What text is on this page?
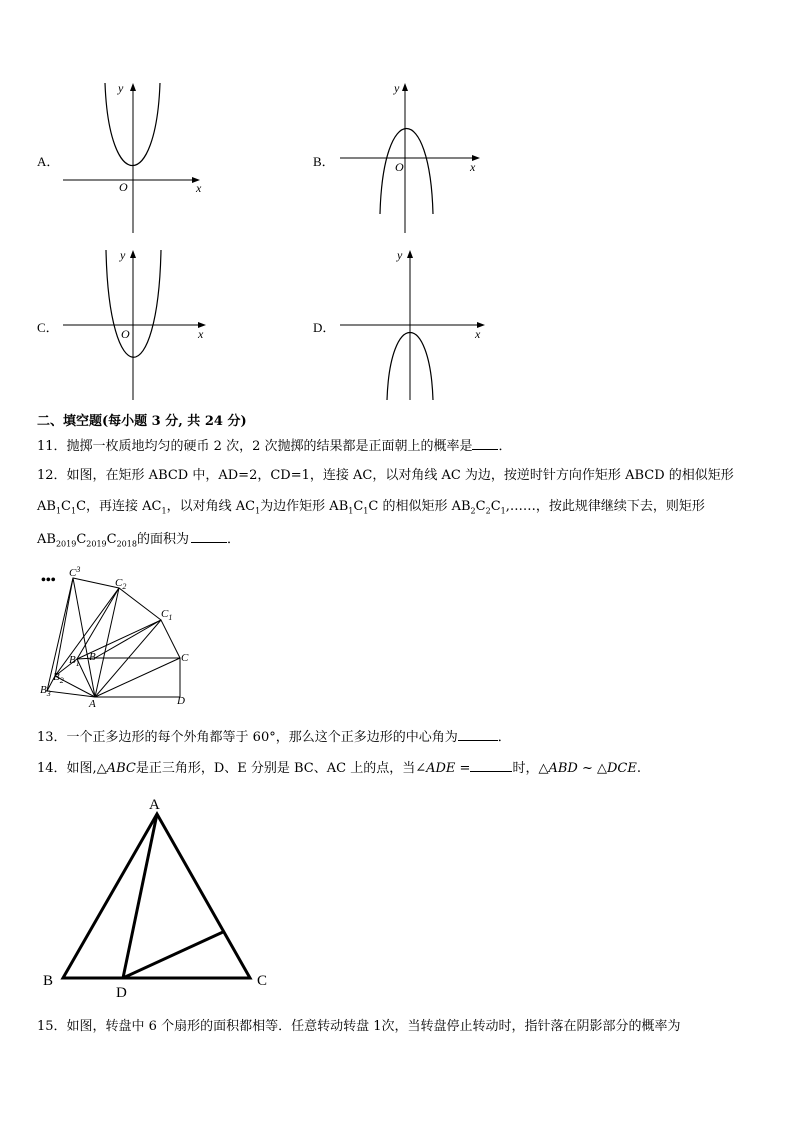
A．
y
x
O
B．
y
x
O
C．
y
x
O	D．
y
x
二、填空题(每小题 3 分, 共 24 分)
11．抛掷一枚质地均匀的硬币 2 次，2 次抛掷的结果都是正面朝上的概率是 ．
12．如图，在矩形 ABCD 中，AD=2，CD=1，连接 AC，以对角线 AC 为边，按逆时针方向作矩形 ABCD 的相似矩形
$AB_1C_1C$，再连接 $AC_1$，以对角线 $AC_1$为边作矩形 $AB_1C_1C$ 的相似矩形 $AB_2C_2C_1,\dots\dots$，按此规律继续下去，则矩形
$AB_{2019}C_{2019}C_{2018}$的面积为	．
••• $C^3$
$C_2$
$C_1$
C
D
A
B
$B_1$
$B_2$
$B_3$
13．一个正多边形的每个外角都等于 60°，那么这个正多边形的中心角为	．
14．如图,△ABC是正三角形，D、E 分别是 BC、AC 上的点，当∠ADE =	时，△ABD ~ △DCE.
A
B	C
D
15．如图，转盘中 6 个扇形的面积都相等．任意转动转盘 1次，当转盘停止转动时，指针落在阴影部分的概率为
